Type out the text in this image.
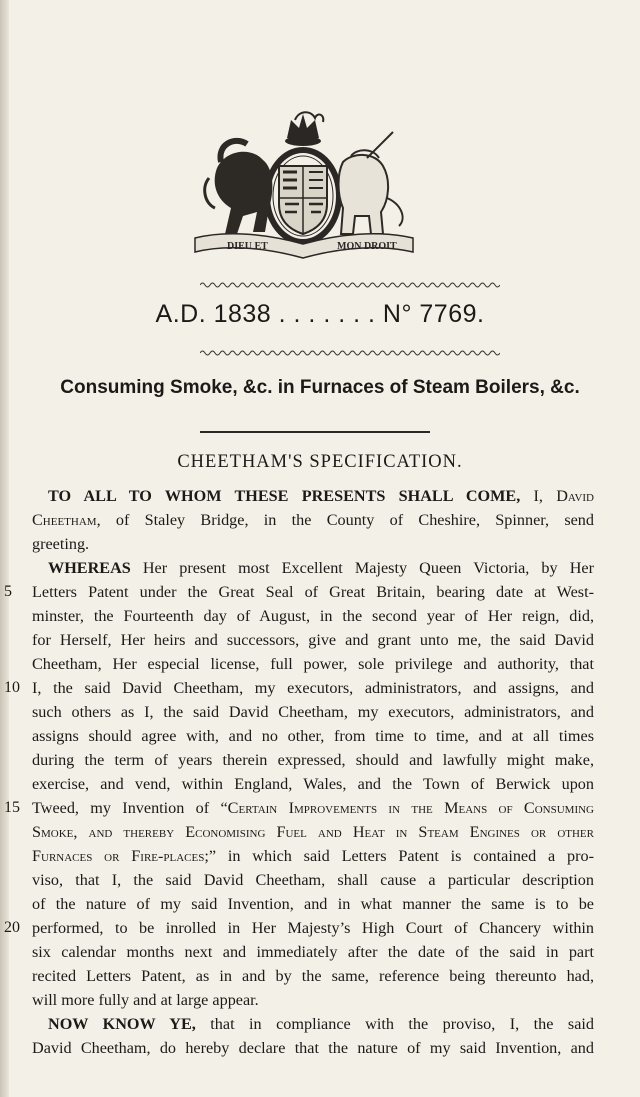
DIEU ET	MON DROIT
A.D. 1838 . . . . . . . N° 7769.
Consuming Smoke, &c. in Furnaces of Steam Boilers, &c.
CHEETHAM'S SPECIFICATION.
5
10
15
20
TO ALL TO WHOM THESE PRESENTS SHALL COME, I, David
Cheetham, of Staley Bridge, in the County of Cheshire, Spinner, send
greeting.
WHEREAS Her present most Excellent Majesty Queen Victoria, by Her
Letters Patent under the Great Seal of Great Britain, bearing date at West-
minster, the Fourteenth day of August, in the second year of Her reign, did,
for Herself, Her heirs and successors, give and grant unto me, the said David
Cheetham, Her especial license, full power, sole privilege and authority, that
I, the said David Cheetham, my executors, administrators, and assigns, and
such others as I, the said David Cheetham, my executors, administrators, and
assigns should agree with, and no other, from time to time, and at all times
during the term of years therein expressed, should and lawfully might make,
exercise, and vend, within England, Wales, and the Town of Berwick upon
Tweed, my Invention of “Certain Improvements in the Means of Consuming
Smoke, and thereby Economising Fuel and Heat in Steam Engines or other
Furnaces or Fire-places;” in which said Letters Patent is contained a pro-
viso, that I, the said David Cheetham, shall cause a particular description
of the nature of my said Invention, and in what manner the same is to be
performed, to be inrolled in Her Majesty’s High Court of Chancery within
six calendar months next and immediately after the date of the said in part
recited Letters Patent, as in and by the same, reference being thereunto had,
will more fully and at large appear.
NOW KNOW YE, that in compliance with the proviso, I, the said
David Cheetham, do hereby declare that the nature of my said Invention, and
